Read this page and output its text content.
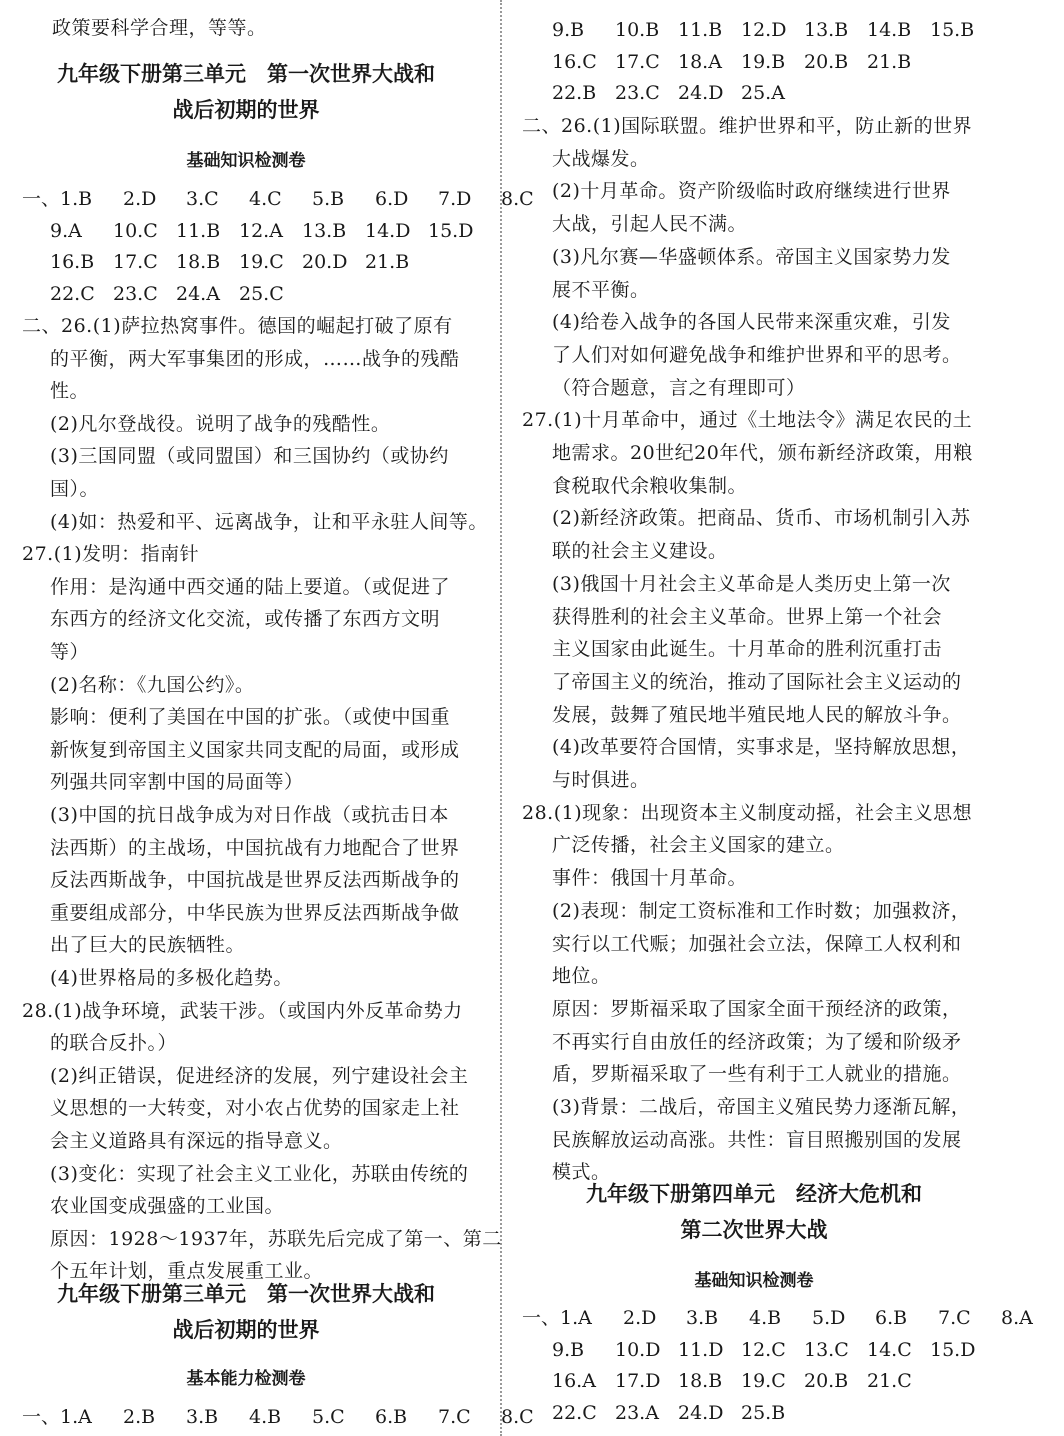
政策要科学合理，等等。
九年级下册第三单元　第一次世界大战和
战后初期的世界
基础知识检测卷
一、1.B 2.D 3.C 4.C 5.B 6.D 7.D 8.C
9.A 10.C 11.B 12.A 13.B 14.D 15.D
16.B 17.C 18.B 19.C 20.D 21.B
22.C 23.C 24.A 25.C
二、26.(1)萨拉热窝事件。德国的崛起打破了原有
的平衡，两大军事集团的形成，……战争的残酷
性。
(2)凡尔登战役。说明了战争的残酷性。
(3)三国同盟（或同盟国）和三国协约（或协约
国）。
(4)如：热爱和平、远离战争，让和平永驻人间等。
27.(1)发明：指南针
作用：是沟通中西交通的陆上要道。（或促进了
东西方的经济文化交流，或传播了东西方文明
等）
(2)名称：《九国公约》。
影响：便利了美国在中国的扩张。（或使中国重
新恢复到帝国主义国家共同支配的局面，或形成
列强共同宰割中国的局面等）
(3)中国的抗日战争成为对日作战（或抗击日本
法西斯）的主战场，中国抗战有力地配合了世界
反法西斯战争，中国抗战是世界反法西斯战争的
重要组成部分，中华民族为世界反法西斯战争做
出了巨大的民族牺牲。
(4)世界格局的多极化趋势。
28.(1)战争环境，武装干涉。（或国内外反革命势力
的联合反扑。）
(2)纠正错误，促进经济的发展，列宁建设社会主
义思想的一大转变，对小农占优势的国家走上社
会主义道路具有深远的指导意义。
(3)变化：实现了社会主义工业化，苏联由传统的
农业国变成强盛的工业国。
原因：1928～1937年，苏联先后完成了第一、第二
个五年计划，重点发展重工业。
九年级下册第三单元　第一次世界大战和
战后初期的世界
基本能力检测卷
一、1.A 2.B 3.B 4.B 5.C 6.B 7.C 8.C
9.B 10.B 11.B 12.D 13.B 14.B 15.B
16.C 17.C 18.A 19.B 20.B 21.B
22.B 23.C 24.D 25.A
二、26.(1)国际联盟。维护世界和平，防止新的世界
大战爆发。
(2)十月革命。资产阶级临时政府继续进行世界
大战，引起人民不满。
(3)凡尔赛—华盛顿体系。帝国主义国家势力发
展不平衡。
(4)给卷入战争的各国人民带来深重灾难，引发
了人们对如何避免战争和维护世界和平的思考。
（符合题意，言之有理即可）
27.(1)十月革命中，通过《土地法令》满足农民的土
地需求。20世纪20年代，颁布新经济政策，用粮
食税取代余粮收集制。
(2)新经济政策。把商品、货币、市场机制引入苏
联的社会主义建设。
(3)俄国十月社会主义革命是人类历史上第一次
获得胜利的社会主义革命。世界上第一个社会
主义国家由此诞生。十月革命的胜利沉重打击
了帝国主义的统治，推动了国际社会主义运动的
发展，鼓舞了殖民地半殖民地人民的解放斗争。
(4)改革要符合国情，实事求是，坚持解放思想，
与时俱进。
28.(1)现象：出现资本主义制度动摇，社会主义思想
广泛传播，社会主义国家的建立。
事件：俄国十月革命。
(2)表现：制定工资标准和工作时数；加强救济，
实行以工代赈；加强社会立法，保障工人权利和
地位。
原因：罗斯福采取了国家全面干预经济的政策，
不再实行自由放任的经济政策；为了缓和阶级矛
盾，罗斯福采取了一些有利于工人就业的措施。
(3)背景：二战后，帝国主义殖民势力逐渐瓦解，
民族解放运动高涨。共性：盲目照搬别国的发展
模式。
九年级下册第四单元　经济大危机和
第二次世界大战
基础知识检测卷
一、1.A 2.D 3.B 4.B 5.D 6.B 7.C 8.A
9.B 10.D 11.D 12.C 13.C 14.C 15.D
16.A 17.D 18.B 19.C 20.B 21.C
22.C 23.A 24.D 25.B
